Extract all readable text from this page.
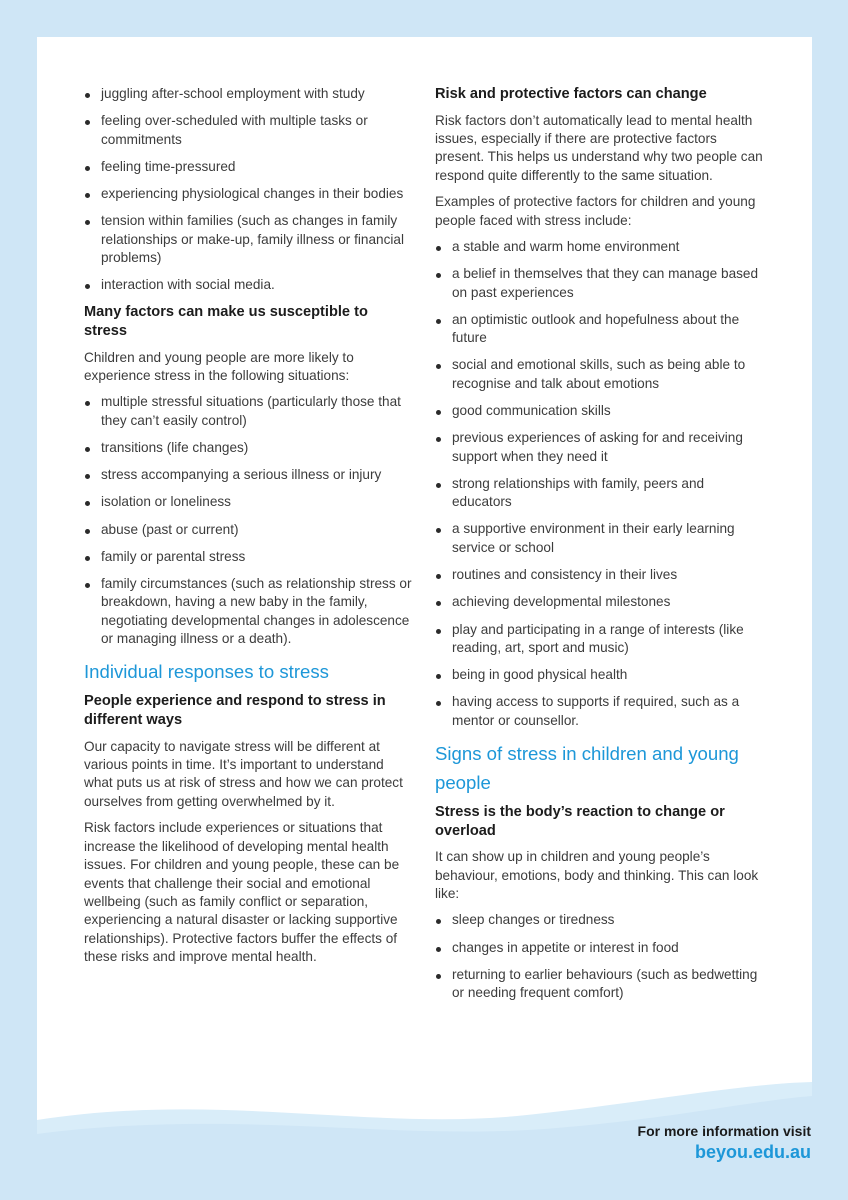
juggling after-school employment with study
feeling over-scheduled with multiple tasks or commitments
feeling time-pressured
experiencing physiological changes in their bodies
tension within families (such as changes in family relationships or make-up, family illness or financial problems)
interaction with social media.
Many factors can make us susceptible to stress

Children and young people are more likely to experience stress in the following situations:

multiple stressful situations (particularly those that they can’t easily control)
transitions (life changes)
stress accompanying a serious illness or injury
isolation or loneliness
abuse (past or current)
family or parental stress
family circumstances (such as relationship stress or breakdown, having a new baby in the family, negotiating developmental changes in adolescence or managing illness or a death).
Individual responses to stress
People experience and respond to stress in different ways

Our capacity to navigate stress will be different at various points in time. It’s important to understand what puts us at risk of stress and how we can protect ourselves from getting overwhelmed by it.

Risk factors include experiences or situations that increase the likelihood of developing mental health issues. For children and young people, these can be events that challenge their social and emotional wellbeing (such as family conflict or separation, experiencing a natural disaster or lacking supportive relationships). Protective factors buffer the effects of these risks and improve mental health.

Risk and protective factors can change

Risk factors don’t automatically lead to mental health issues, especially if there are protective factors present. This helps us understand why two people can respond quite differently to the same situation.

Examples of protective factors for children and young people faced with stress include:

a stable and warm home environment
a belief in themselves that they can manage based on past experiences
an optimistic outlook and hopefulness about the future
social and emotional skills, such as being able to recognise and talk about emotions
good communication skills
previous experiences of asking for and receiving support when they need it
strong relationships with family, peers and educators
a supportive environment in their early learning service or school
routines and consistency in their lives
achieving developmental milestones
play and participating in a range of interests (like reading, art, sport and music)
being in good physical health
having access to supports if required, such as a mentor or counsellor.
Signs of stress in children and young people
Stress is the body’s reaction to change or overload

It can show up in children and young people’s behaviour, emotions, body and thinking. This can look like:

sleep changes or tiredness
changes in appetite or interest in food
returning to earlier behaviours (such as bedwetting or needing frequent comfort)
For more information visit
beyou.edu.au
